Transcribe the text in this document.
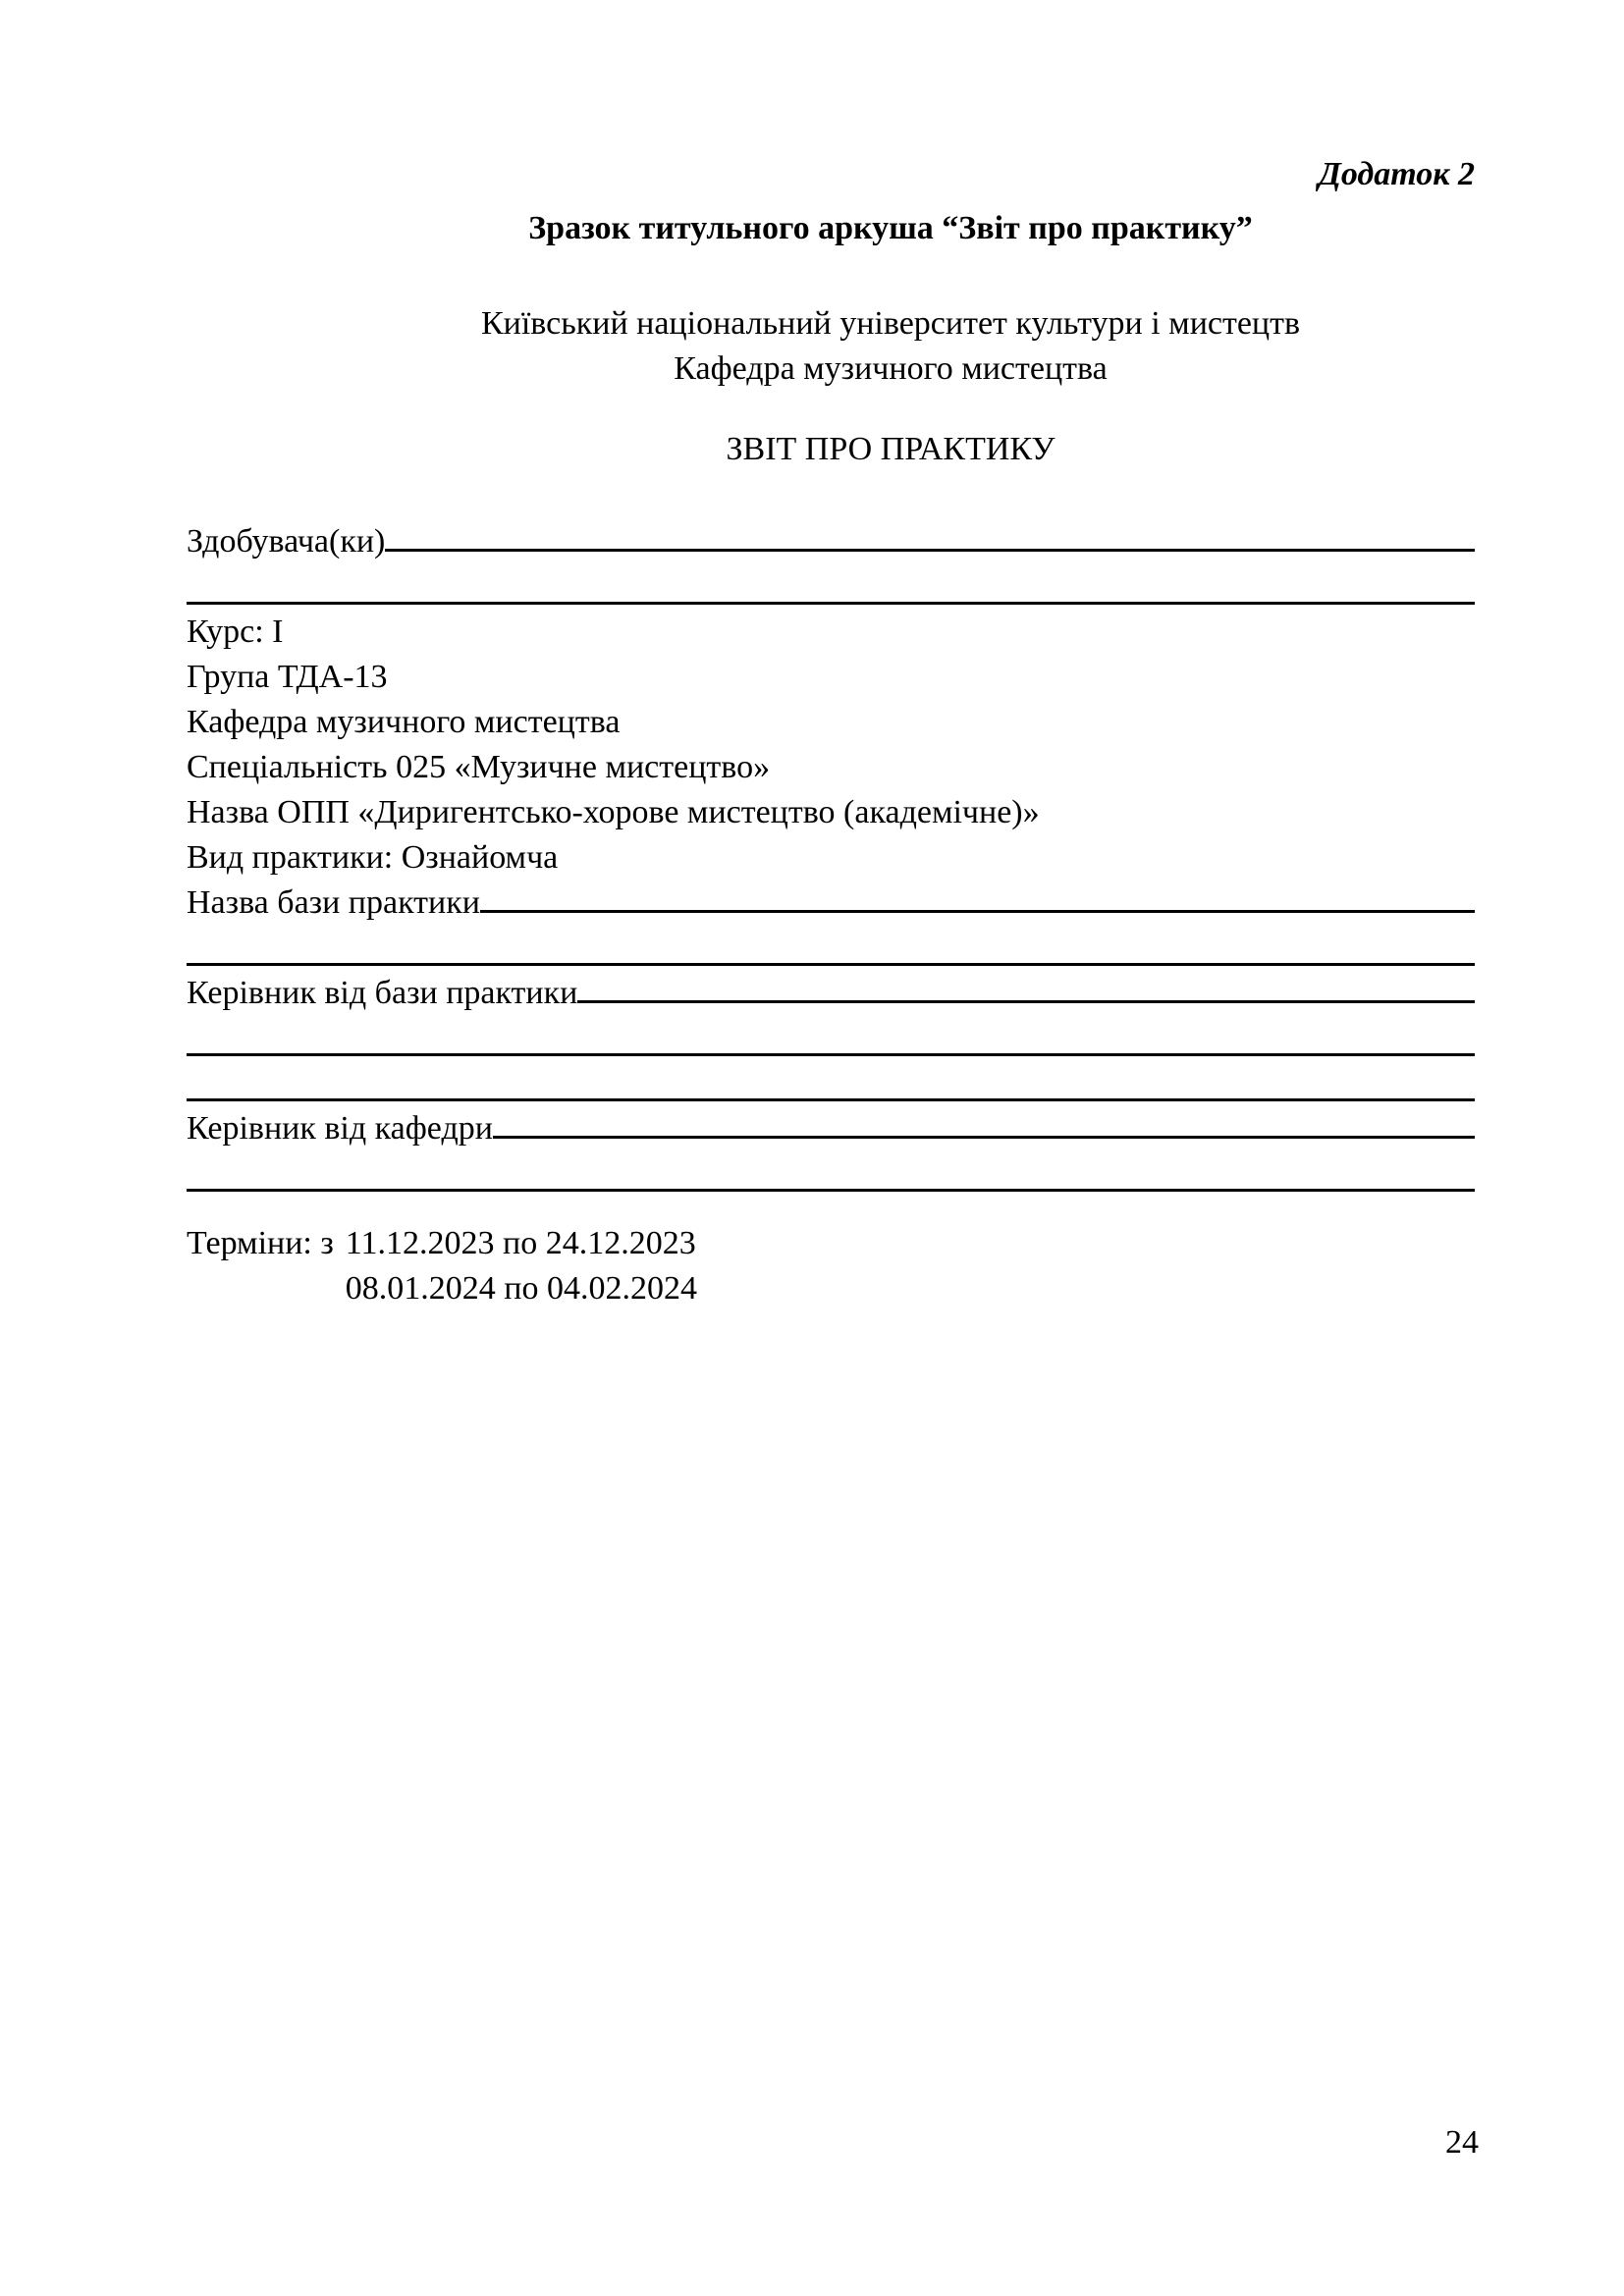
Додаток 2
Зразок титульного аркуша “Звіт про практику”
Київський національний університет культури і мистецтв
Кафедра музичного мистецтва
ЗВІТ ПРО ПРАКТИКУ
Здобувача(ки)
Курс: І
Група ТДА-13
Кафедра музичного мистецтва
Спеціальність 025 «Музичне мистецтво»
Назва ОПП «Диригентсько-хорове мистецтво (академічне)»
Вид практики: Ознайомча
Назва бази практики
Керівник від бази практики
Керівник від кафедри
Терміни: з 11.12.2023 по 24.12.2023
08.01.2024 по 04.02.2024
24
